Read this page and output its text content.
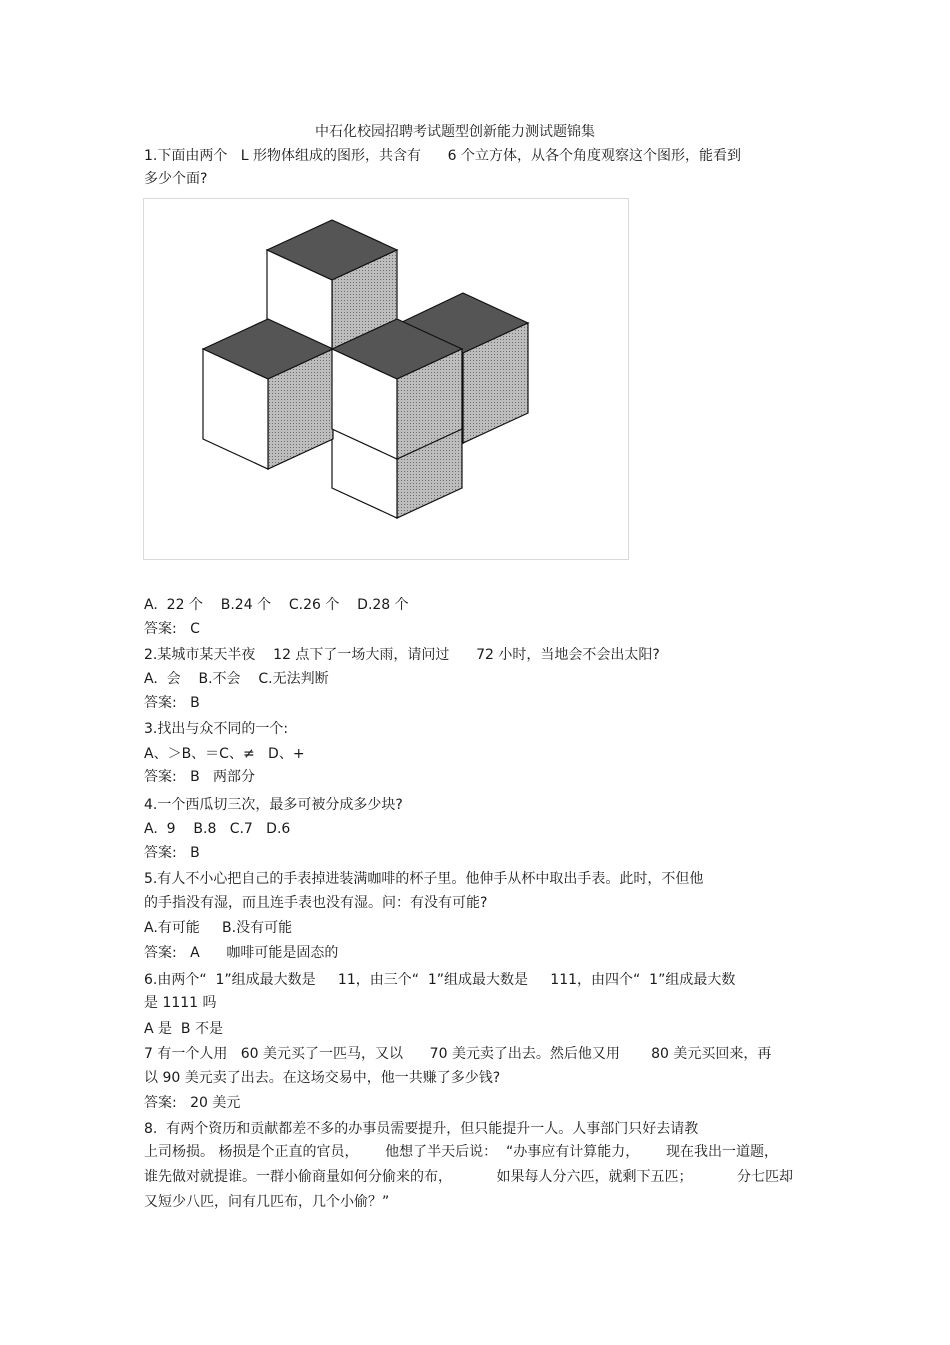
中石化校园招聘考试题型创新能力测试题锦集
1.下面由两个   L 形物体组成的图形，共含有      6 个立方体，从各个角度观察这个图形，能看到
多少个面?
A.  22 个    B.24 个    C.26 个    D.28 个
答案:   C
2.某城市某天半夜    12 点下了一场大雨，请问过      72 小时，当地会不会出太阳?
A.  会    B.不会    C.无法判断
答案:   B
3.找出与众不同的一个:
A、＞B、＝C、≠   D、+
答案:   B   两部分
4.一个西瓜切三次，最多可被分成多少块?
A.  9    B.8   C.7   D.6
答案:   B
5.有人不小心把自己的手表掉进装满咖啡的杯子里。他伸手从杯中取出手表。此时，不但他
的手指没有湿，而且连手表也没有湿。问：有没有可能?
A.有可能     B.没有可能
答案:   A      咖啡可能是固态的
6.由两个“  1”组成最大数是     11，由三个“  1”组成最大数是     111，由四个“  1”组成最大数
是 1111 吗
A 是  B 不是
7 有一个人用   60 美元买了一匹马，又以      70 美元卖了出去。然后他又用       80 美元买回来，再
以 90 美元卖了出去。在这场交易中，他一共赚了多少钱?
答案:   20 美元
8.  有两个资历和贡献都差不多的办事员需要提升，但只能提升一人。人事部门只好去请教
上司杨损。 杨损是个正直的官员，      他想了半天后说：  “办事应有计算能力，      现在我出一道题，
谁先做对就提谁。一群小偷商量如何分偷来的布，          如果每人分六匹，就剩下五匹；          分七匹却
又短少八匹，问有几匹布，几个小偷？”
